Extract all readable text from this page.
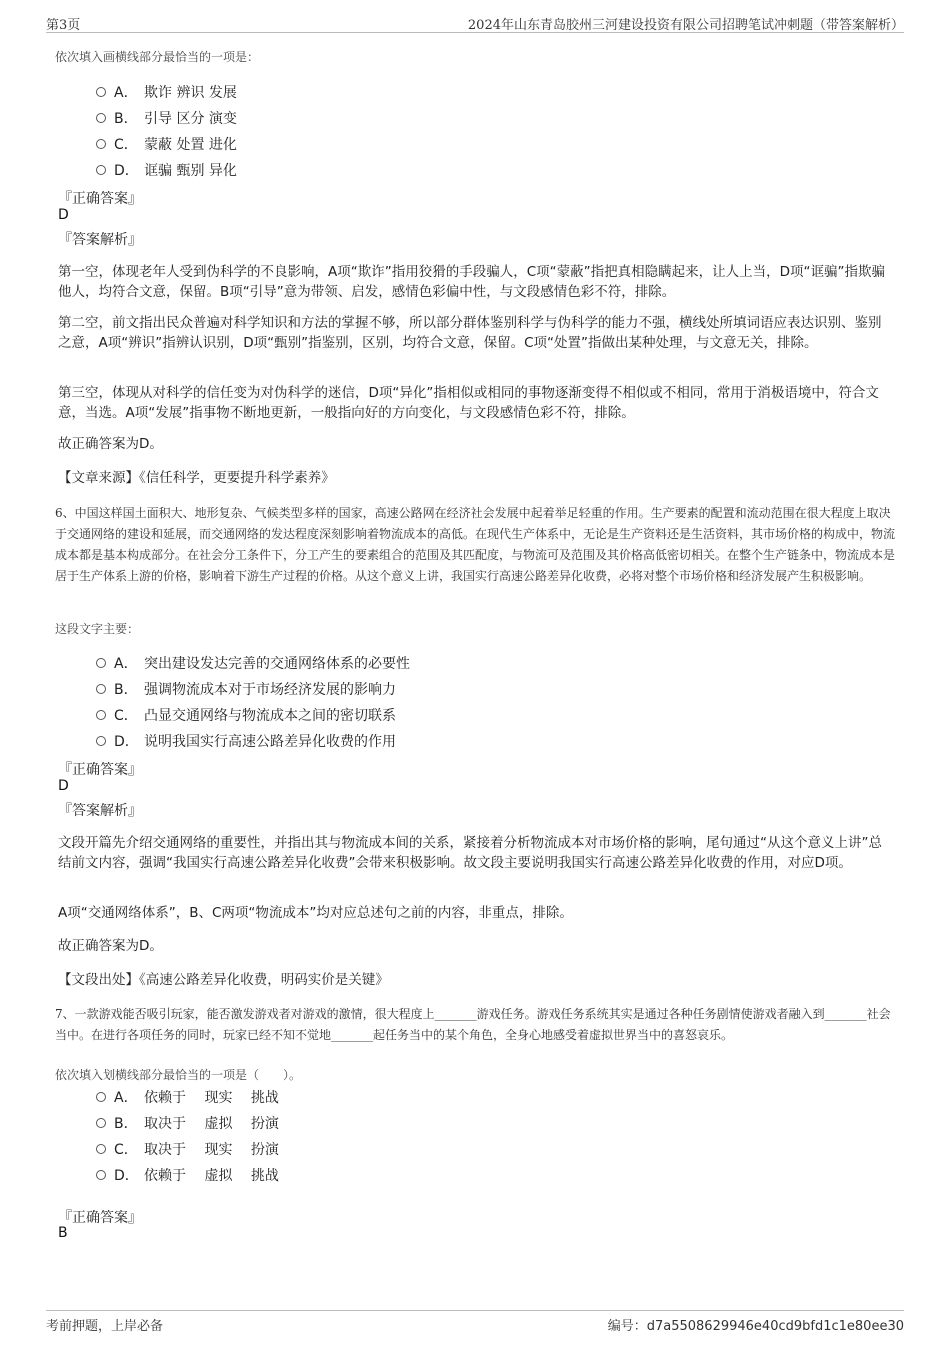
第3页	2024年山东青岛胶州三河建设投资有限公司招聘笔试冲刺题（带答案解析）
依次填入画横线部分最恰当的一项是：
A． 欺诈 辨识 发展
B． 引导 区分 演变
C． 蒙蔽 处置 进化
D． 诓骗 甄别 异化
『正确答案』
D
『答案解析』

第一空，体现老年人受到伪科学的不良影响，A项“欺诈”指用狡猾的手段骗人，C项“蒙蔽”指把真相隐瞒起来，让人上当，D项“诓骗”指欺骗他人，均符合文意，保留。B项“引导”意为带领、启发，感情色彩偏中性，与文段感情色彩不符，排除。

第二空，前文指出民众普遍对科学知识和方法的掌握不够，所以部分群体鉴别科学与伪科学的能力不强，横线处所填词语应表达识别、鉴别之意，A项“辨识”指辨认识别，D项“甄别”指鉴别，区别，均符合文意，保留。C项“处置”指做出某种处理，与文意无关，排除。

第三空，体现从对科学的信任变为对伪科学的迷信，D项“异化”指相似或相同的事物逐渐变得不相似或不相同，常用于消极语境中，符合文意，当选。A项“发展”指事物不断地更新，一般指向好的方向变化，与文段感情色彩不符，排除。

故正确答案为D。

【文章来源】《信任科学，更要提升科学素养》

6、中国这样国土面积大、地形复杂、气候类型多样的国家，高速公路网在经济社会发展中起着举足轻重的作用。生产要素的配置和流动范围在很大程度上取决于交通网络的建设和延展，而交通网络的发达程度深刻影响着物流成本的高低。在现代生产体系中，无论是生产资料还是生活资料，其市场价格的构成中，物流成本都是基本构成部分。在社会分工条件下，分工产生的要素组合的范围及其匹配度，与物流可及范围及其价格高低密切相关。在整个生产链条中，物流成本是居于生产体系上游的价格，影响着下游生产过程的价格。从这个意义上讲，我国实行高速公路差异化收费，必将对整个市场价格和经济发展产生积极影响。

这段文字主要：
A． 突出建设发达完善的交通网络体系的必要性
B． 强调物流成本对于市场经济发展的影响力
C． 凸显交通网络与物流成本之间的密切联系
D． 说明我国实行高速公路差异化收费的作用
『正确答案』
D
『答案解析』

文段开篇先介绍交通网络的重要性，并指出其与物流成本间的关系，紧接着分析物流成本对市场价格的影响，尾句通过“从这个意义上讲”总结前文内容，强调“我国实行高速公路差异化收费”会带来积极影响。故文段主要说明我国实行高速公路差异化收费的作用，对应D项。

A项“交通网络体系”，B、C两项“物流成本”均对应总述句之前的内容，非重点，排除。

故正确答案为D。

【文段出处】《高速公路差异化收费，明码实价是关键》

7、一款游戏能否吸引玩家，能否激发游戏者对游戏的激情，很大程度上_______游戏任务。游戏任务系统其实是通过各种任务剧情使游戏者融入到_______社会当中。在进行各项任务的同时，玩家已经不知不觉地_______起任务当中的某个角色，全身心地感受着虚拟世界当中的喜怒哀乐。

依次填入划横线部分最恰当的一项是（　　）。
A． 依赖于　 现实　 挑战
B． 取决于　 虚拟　 扮演
C． 取决于　 现实　 扮演
D． 依赖于　 虚拟　 挑战
『正确答案』
B
考前押题，上岸必备	编号：d7a5508629946e40cd9bfd1c1e80ee30
